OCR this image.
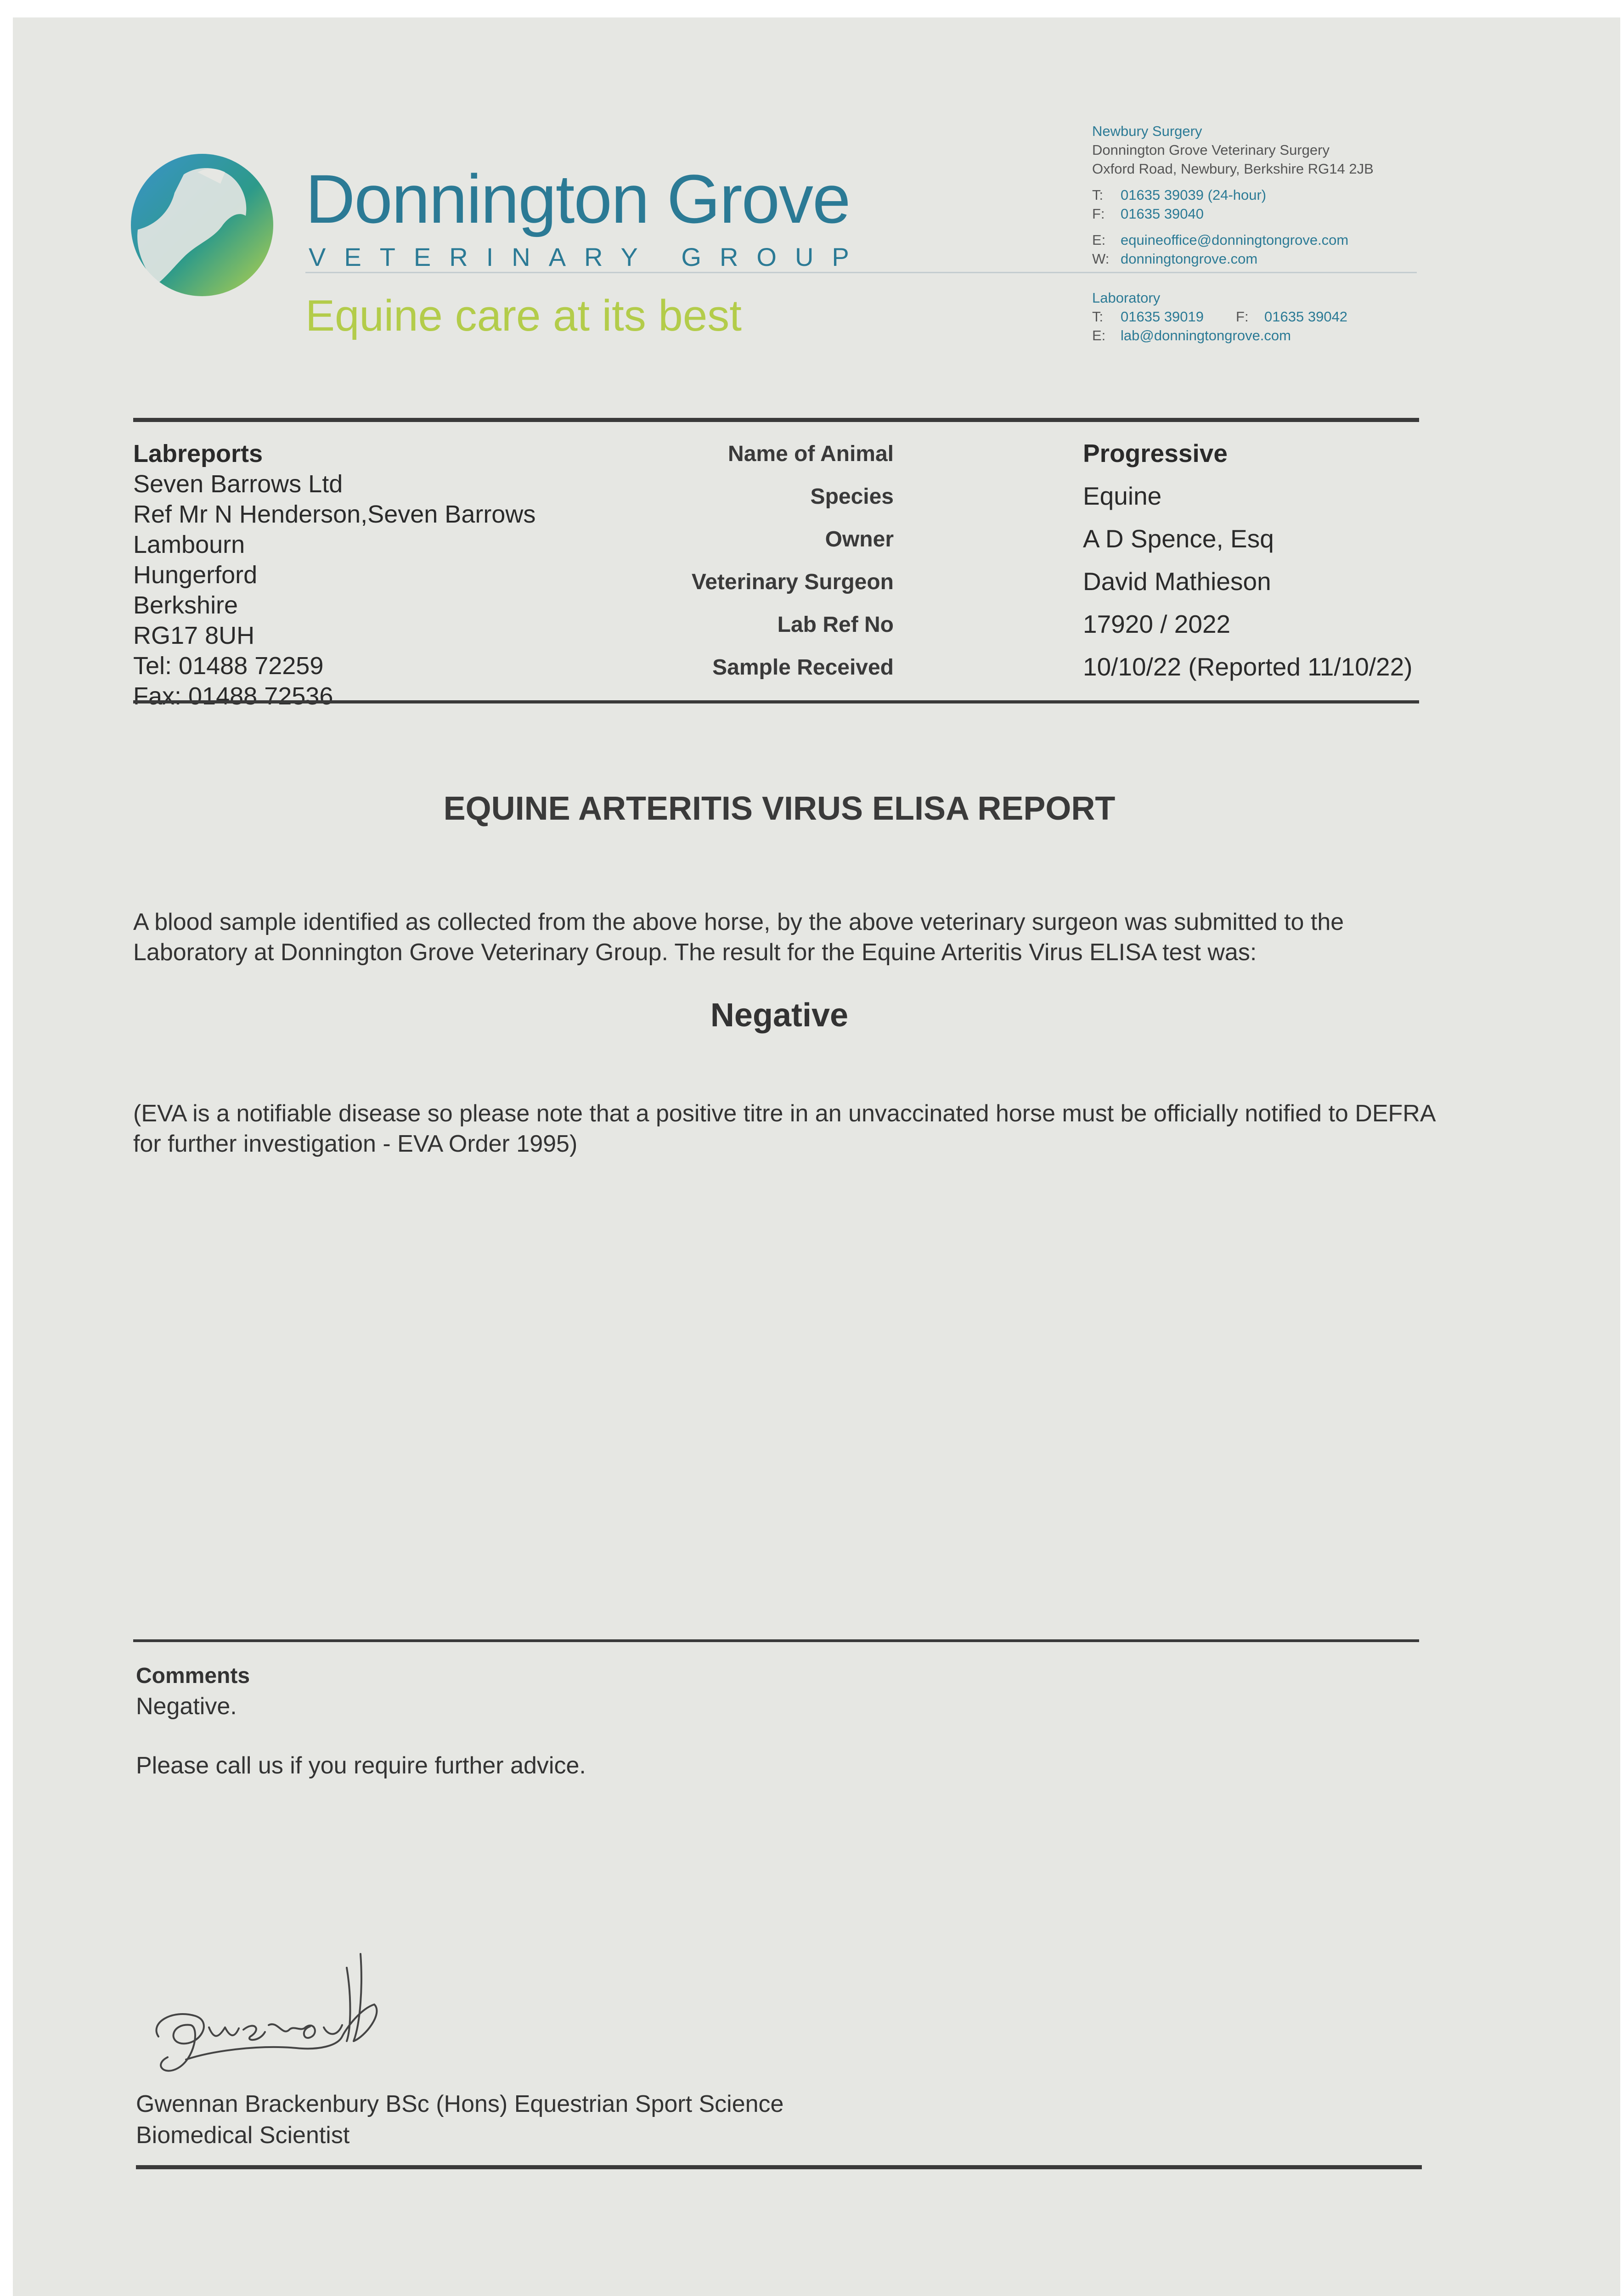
Donnington Grove
VETERINARY GROUP
Equine care at its best
Newbury Surgery
Donnington Grove Veterinary Surgery
Oxford Road, Newbury, Berkshire RG14 2JB
T: 01635 39039 (24-hour)
F: 01635 39040
E: equineoffice@donningtongrove.com
W: donningtongrove.com
Laboratory
T: 01635 39019 F: 01635 39042
E: lab@donningtongrove.com
Labreports
Seven Barrows Ltd
Ref Mr N Henderson,Seven Barrows
Lambourn
Hungerford
Berkshire
RG17 8UH
Tel: 01488 72259
Name of Animal	Progressive
Species	Equine
Owner	A D Spence, Esq
Veterinary Surgeon	David Mathieson
Lab Ref No	17920 / 2022
Sample Received	10/10/22 (Reported 11/10/22)
EQUINE ARTERITIS VIRUS ELISA REPORT
A blood sample identified as collected from the above horse, by the above veterinary surgeon was submitted to the Laboratory at Donnington Grove Veterinary Group. The result for the Equine Arteritis Virus ELISA test was:
Negative
(EVA is a notifiable disease so please note that a positive titre in an unvaccinated horse must be officially notified to DEFRA for further investigation - EVA Order 1995)
Comments
Negative.
Please call us if you require further advice.
Gwennan Brackenbury BSc (Hons) Equestrian Sport Science
Biomedical Scientist
